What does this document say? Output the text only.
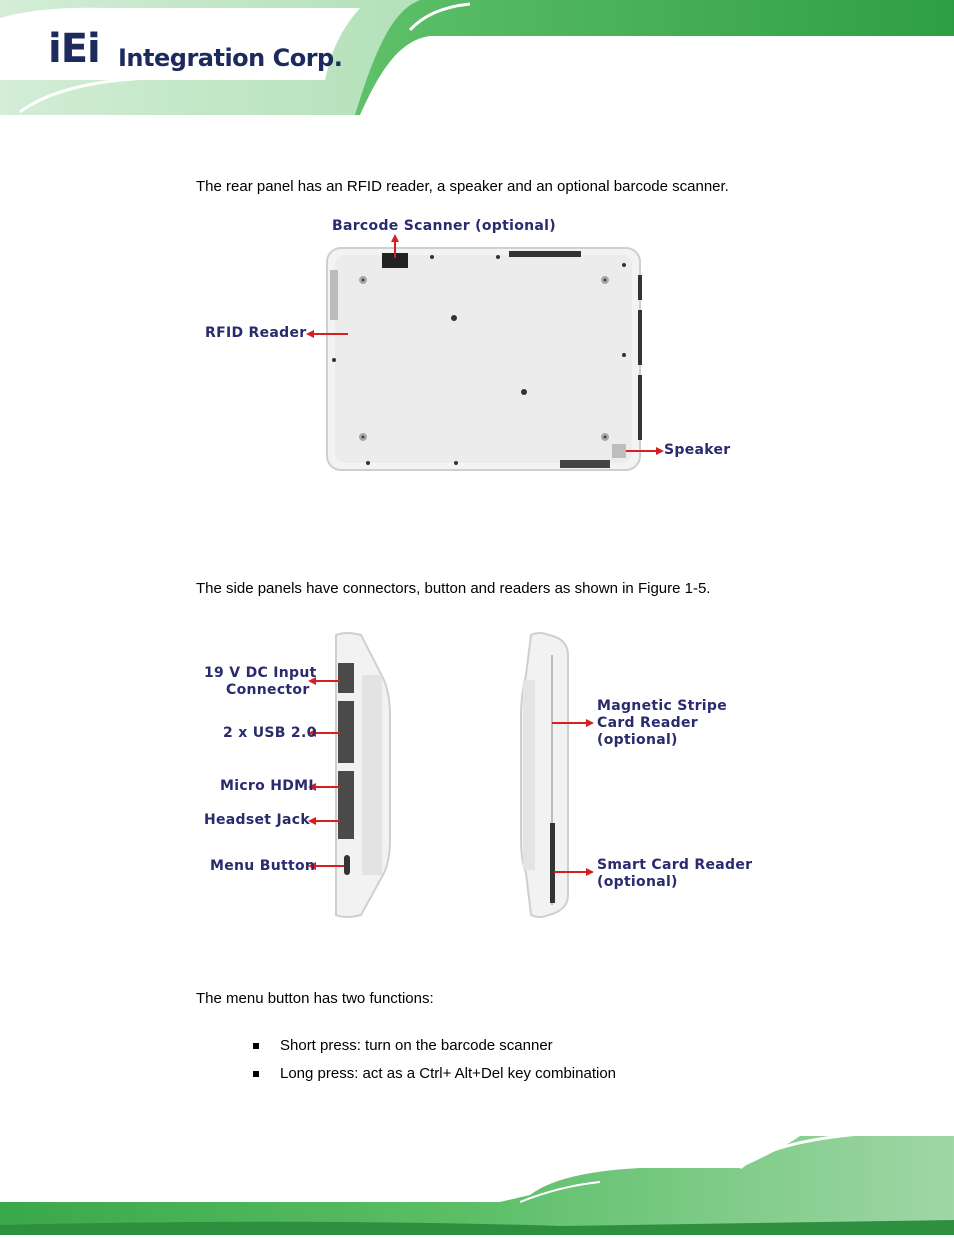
iEi Integration Corp.
The rear panel has an RFID reader, a speaker and an optional barcode scanner.
Barcode Scanner (optional)
RFID Reader
Speaker
The side panels have connectors, button and readers as shown in Figure 1-5.
19 V DC Input
Connector
2 x USB 2.0
Micro HDMI
Headset Jack
Menu Button
Magnetic Stripe
Card Reader
(optional)
Smart Card Reader
(optional)
The menu button has two functions:
Short press: turn on the barcode scanner
Long press: act as a Ctrl+ Alt+Del key combination
